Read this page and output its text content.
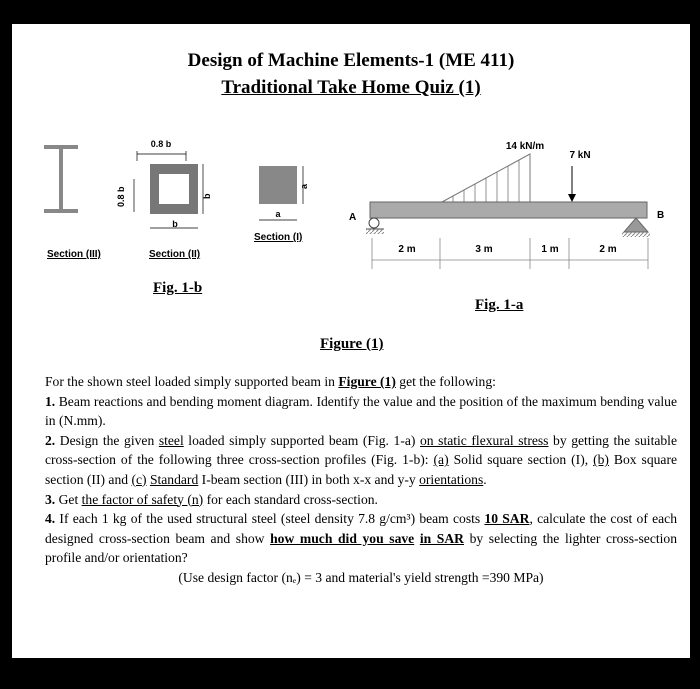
Design of Machine Elements-1 (ME 411)
Traditional Take Home Quiz (1)
Section (III)
0.8 b
0.8 b	b
b
Section (II)
a
a
Section (I)
14 kN/m
7 kN
A	B
2 m	3 m	1 m	2 m
Fig. 1-b
Fig. 1-a
Figure (1)

For the shown steel loaded simply supported beam in Figure (1) get the following:

1. Beam reactions and bending moment diagram. Identify the value and the position of the maximum bending value in (N.mm).

2. Design the given steel loaded simply supported beam (Fig. 1-a) on static flexural stress by getting the suitable cross-section of the following three cross-section profiles (Fig. 1-b): (a) Solid square section (I), (b) Box square section (II) and (c) Standard I-beam section (III) in both x-x and y-y orientations.

3. Get the factor of safety (n) for each standard cross-section.

4. If each 1 kg of the used structural steel (steel density 7.8 g/cm³) beam costs 10 SAR, calculate the cost of each designed cross-section beam and show how much did you save in SAR by selecting the lighter cross-section profile and/or orientation?

(Use design factor (nₑ) = 3 and material's yield strength =390 MPa)
